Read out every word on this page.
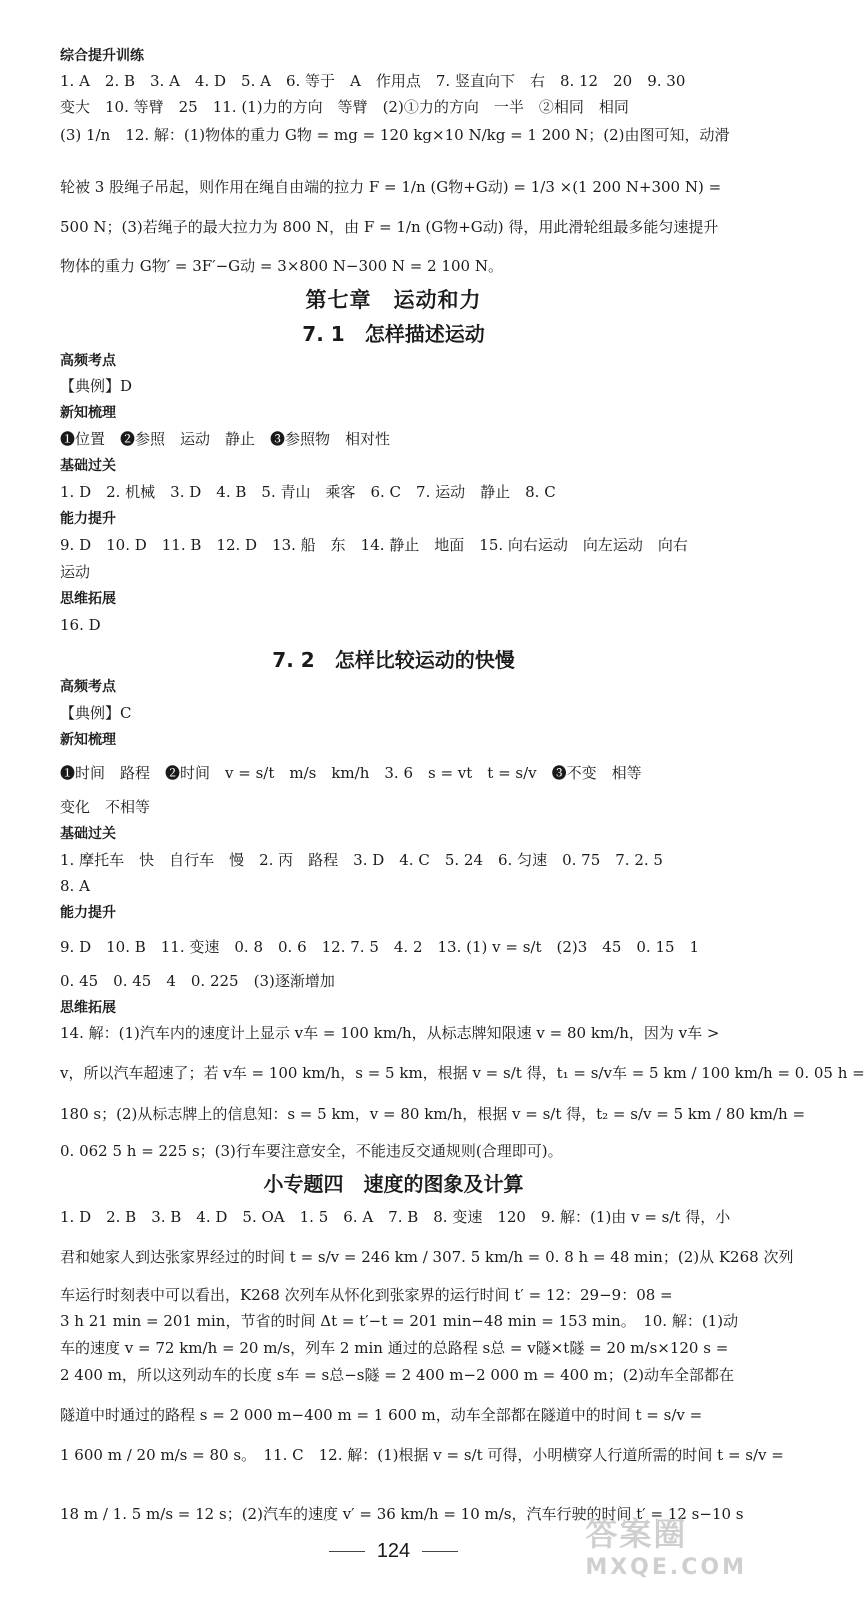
综合提升训练
1. A　2. B　3. A　4. D　5. A　6. 等于　A　作用点　7. 竖直向下　右　8. 12　20　9. 30
变大　10. 等臂　25　11. (1)力的方向　等臂　(2)①力的方向　一半　②相同　相同
(3) 1/n　12. 解：(1)物体的重力 G物 = mg = 120 kg×10 N/kg = 1 200 N；(2)由图可知，动滑
轮被 3 股绳子吊起，则作用在绳自由端的拉力 F = 1/n (G物+G动) = 1/3 ×(1 200 N+300 N) =
500 N；(3)若绳子的最大拉力为 800 N，由 F = 1/n (G物+G动) 得，用此滑轮组最多能匀速提升
物体的重力 G物′ = 3F′−G动 = 3×800 N−300 N = 2 100 N。
第七章　运动和力
7. 1　怎样描述运动
高频考点
【典例】D
新知梳理
❶位置　❷参照　运动　静止　❸参照物　相对性
基础过关
1. D　2. 机械　3. D　4. B　5. 青山　乘客　6. C　7. 运动　静止　8. C
能力提升
9. D　10. D　11. B　12. D　13. 船　东　14. 静止　地面　15. 向右运动　向左运动　向右
运动
思维拓展
16. D
7. 2　怎样比较运动的快慢
高频考点
【典例】C
新知梳理
❶时间　路程　❷时间　v = s/t　m/s　km/h　3. 6　s = vt　t = s/v　❸不变　相等
变化　不相等
基础过关
1. 摩托车　快　自行车　慢　2. 丙　路程　3. D　4. C　5. 24　6. 匀速　0. 75　7. 2. 5
8. A
能力提升
9. D　10. B　11. 变速　0. 8　0. 6　12. 7. 5　4. 2　13. (1) v = s/t　(2)3　45　0. 15　1
0. 45　0. 45　4　0. 225　(3)逐渐增加
思维拓展
14. 解：(1)汽车内的速度计上显示 v车 = 100 km/h，从标志牌知限速 v = 80 km/h，因为 v车 >
v，所以汽车超速了；若 v车 = 100 km/h，s = 5 km，根据 v = s/t 得，t₁ = s/v车 = 5 km / 100 km/h = 0. 05 h =
180 s；(2)从标志牌上的信息知：s = 5 km，v = 80 km/h，根据 v = s/t 得，t₂ = s/v = 5 km / 80 km/h =
0. 062 5 h = 225 s；(3)行车要注意安全，不能违反交通规则(合理即可)。
小专题四　速度的图象及计算
1. D　2. B　3. B　4. D　5. OA　1. 5　6. A　7. B　8. 变速　120　9. 解：(1)由 v = s/t 得，小
君和她家人到达张家界经过的时间 t = s/v = 246 km / 307. 5 km/h = 0. 8 h = 48 min；(2)从 K268 次列
车运行时刻表中可以看出，K268 次列车从怀化到张家界的运行时间 t′ = 12：29−9：08 =
3 h 21 min = 201 min，节省的时间 Δt = t′−t = 201 min−48 min = 153 min。　10. 解：(1)动
车的速度 v = 72 km/h = 20 m/s，列车 2 min 通过的总路程 s总 = v隧×t隧 = 20 m/s×120 s =
2 400 m，所以这列动车的长度 s车 = s总−s隧 = 2 400 m−2 000 m = 400 m；(2)动车全部都在
隧道中时通过的路程 s = 2 000 m−400 m = 1 600 m，动车全部都在隧道中的时间 t = s/v =
1 600 m / 20 m/s = 80 s。　11. C　12. 解：(1)根据 v = s/t 可得，小明横穿人行道所需的时间 t = s/v =
18 m / 1. 5 m/s = 12 s；(2)汽车的速度 v′ = 36 km/h = 10 m/s，汽车行驶的时间 t′ = 12 s−10 s
124	答案圈
MXQE.COM
